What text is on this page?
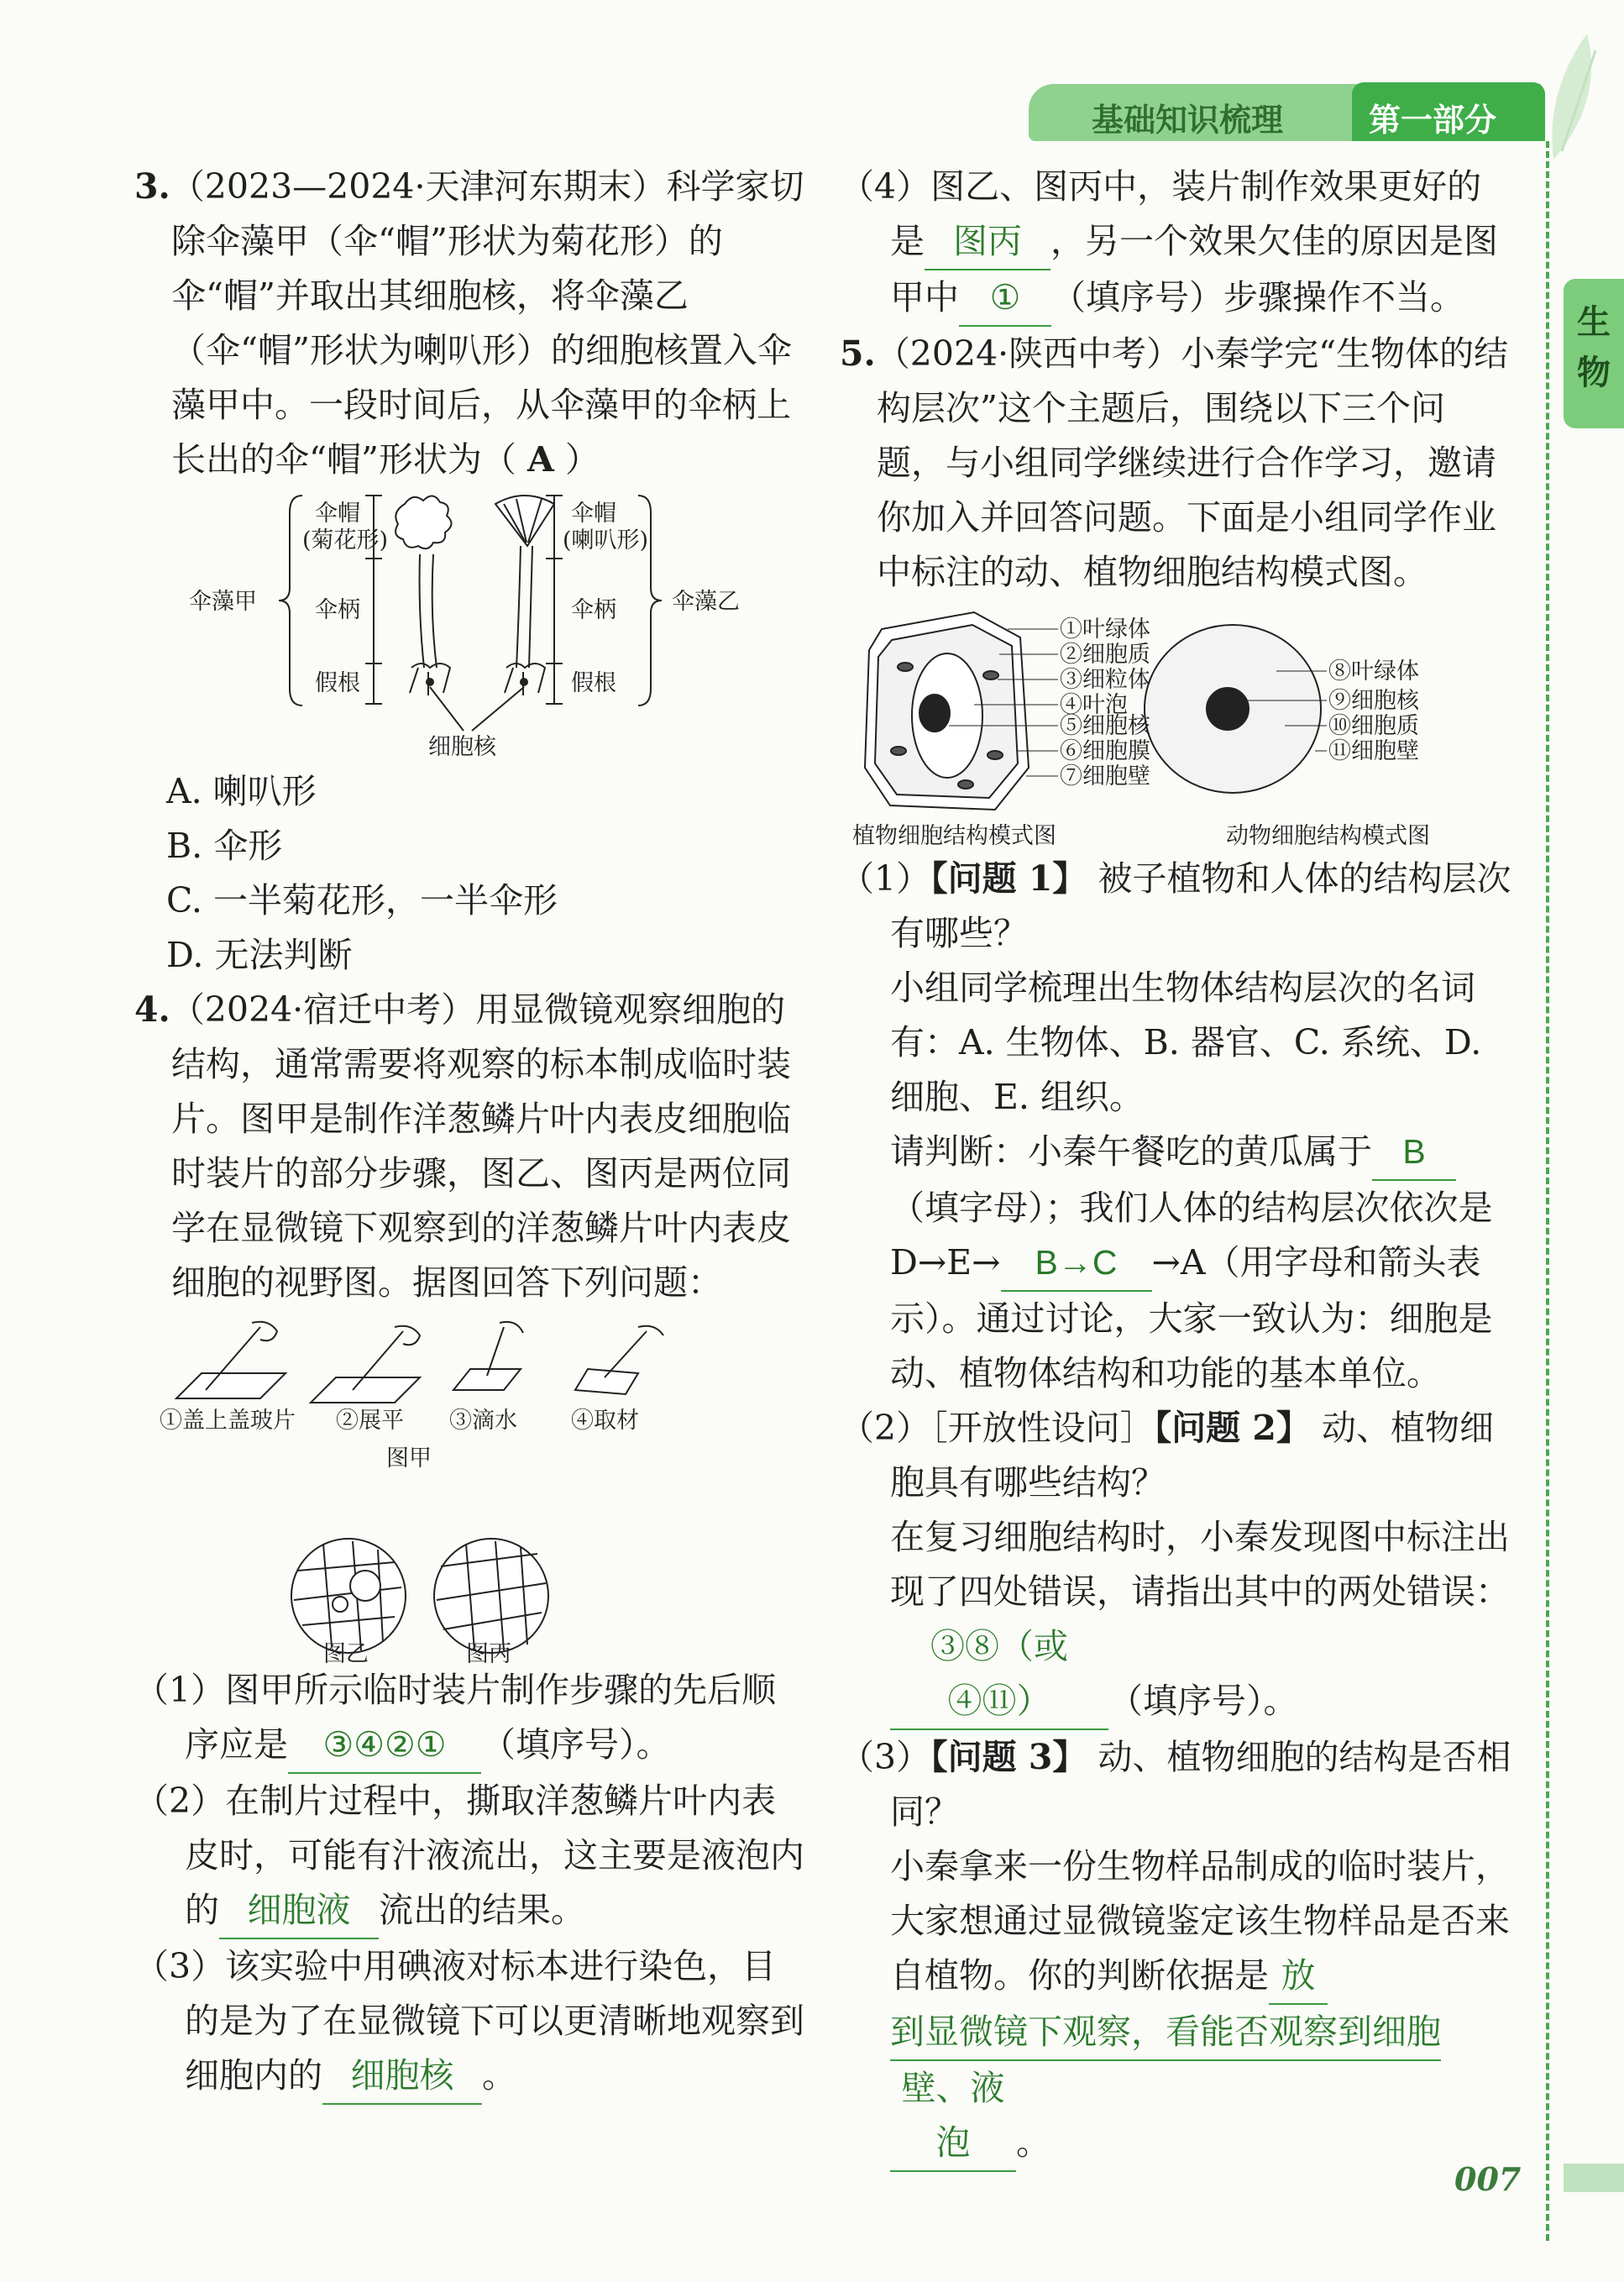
基础知识梳理	第一部分
生
物
007

3.（2023—2024·天津河东期末）科学家切除伞藻甲（伞“帽”形状为菊花形）的伞“帽”并取出其细胞核，将伞藻乙（伞“帽”形状为喇叭形）的细胞核置入伞藻甲中。一段时间后，从伞藻甲的伞柄上长出的伞“帽”形状为（ A ）

伞藻甲	伞藻乙
伞帽
(菊花形)
伞柄
假根
伞帽
(喇叭形)
伞柄
假根
细胞核

A. 喇叭形

B. 伞形

C. 一半菊花形，一半伞形

D. 无法判断

4.（2024·宿迁中考）用显微镜观察细胞的结构，通常需要将观察的标本制成临时装片。图甲是制作洋葱鳞片叶内表皮细胞临时装片的部分步骤，图乙、图丙是两位同学在显微镜下观察到的洋葱鳞片叶内表皮细胞的视野图。据图回答下列问题：

①盖上盖玻片 ②展平 ③滴水 ④取材
图甲
图乙	图丙

（1）图甲所示临时装片制作步骤的先后顺序应是 ③④②① （填序号）。

（2）在制片过程中，撕取洋葱鳞片叶内表皮时，可能有汁液流出，这主要是液泡内的 细胞液 流出的结果。

（3）该实验中用碘液对标本进行染色，目的是为了在显微镜下可以更清晰地观察到细胞内的 细胞核 。

（4）图乙、图丙中，装片制作效果更好的是 图丙 ，另一个效果欠佳的原因是图甲中 ① （填序号）步骤操作不当。

5.（2024·陕西中考）小秦学完“生物体的结构层次”这个主题后，围绕以下三个问题，与小组同学继续进行合作学习，邀请你加入并回答问题。下面是小组同学作业中标注的动、植物细胞结构模式图。

①叶绿体
②细胞质
③细粒体
④叶泡
⑤细胞核
⑥细胞膜
⑦细胞壁
⑧叶绿体
⑨细胞核
⑩细胞质
⑪细胞壁
植物细胞结构模式图	动物细胞结构模式图

（1）【问题 1】 被子植物和人体的结构层次有哪些？

小组同学梳理出生物体结构层次的名词有：A. 生物体、B. 器官、C. 系统、D. 细胞、E. 组织。

请判断：小秦午餐吃的黄瓜属于 B（填字母）；我们人体的结构层次依次是D→E→ B→C →A（用字母和箭头表示）。通过讨论，大家一致认为：细胞是动、植物体结构和功能的基本单位。

（2）［开放性设问］【问题 2】 动、植物细胞具有哪些结构？

在复习细胞结构时，小秦发现图中标注出现了四处错误，请指出其中的两处错误：③⑧（或④⑪） （填序号）。

（3）【问题 3】 动、植物细胞的结构是否相同？

小秦拿来一份生物样品制成的临时装片，大家想通过显微镜鉴定该生物样品是否来自植物。你的判断依据是 放到显微镜下观察，看能否观察到细胞壁、液泡 。
